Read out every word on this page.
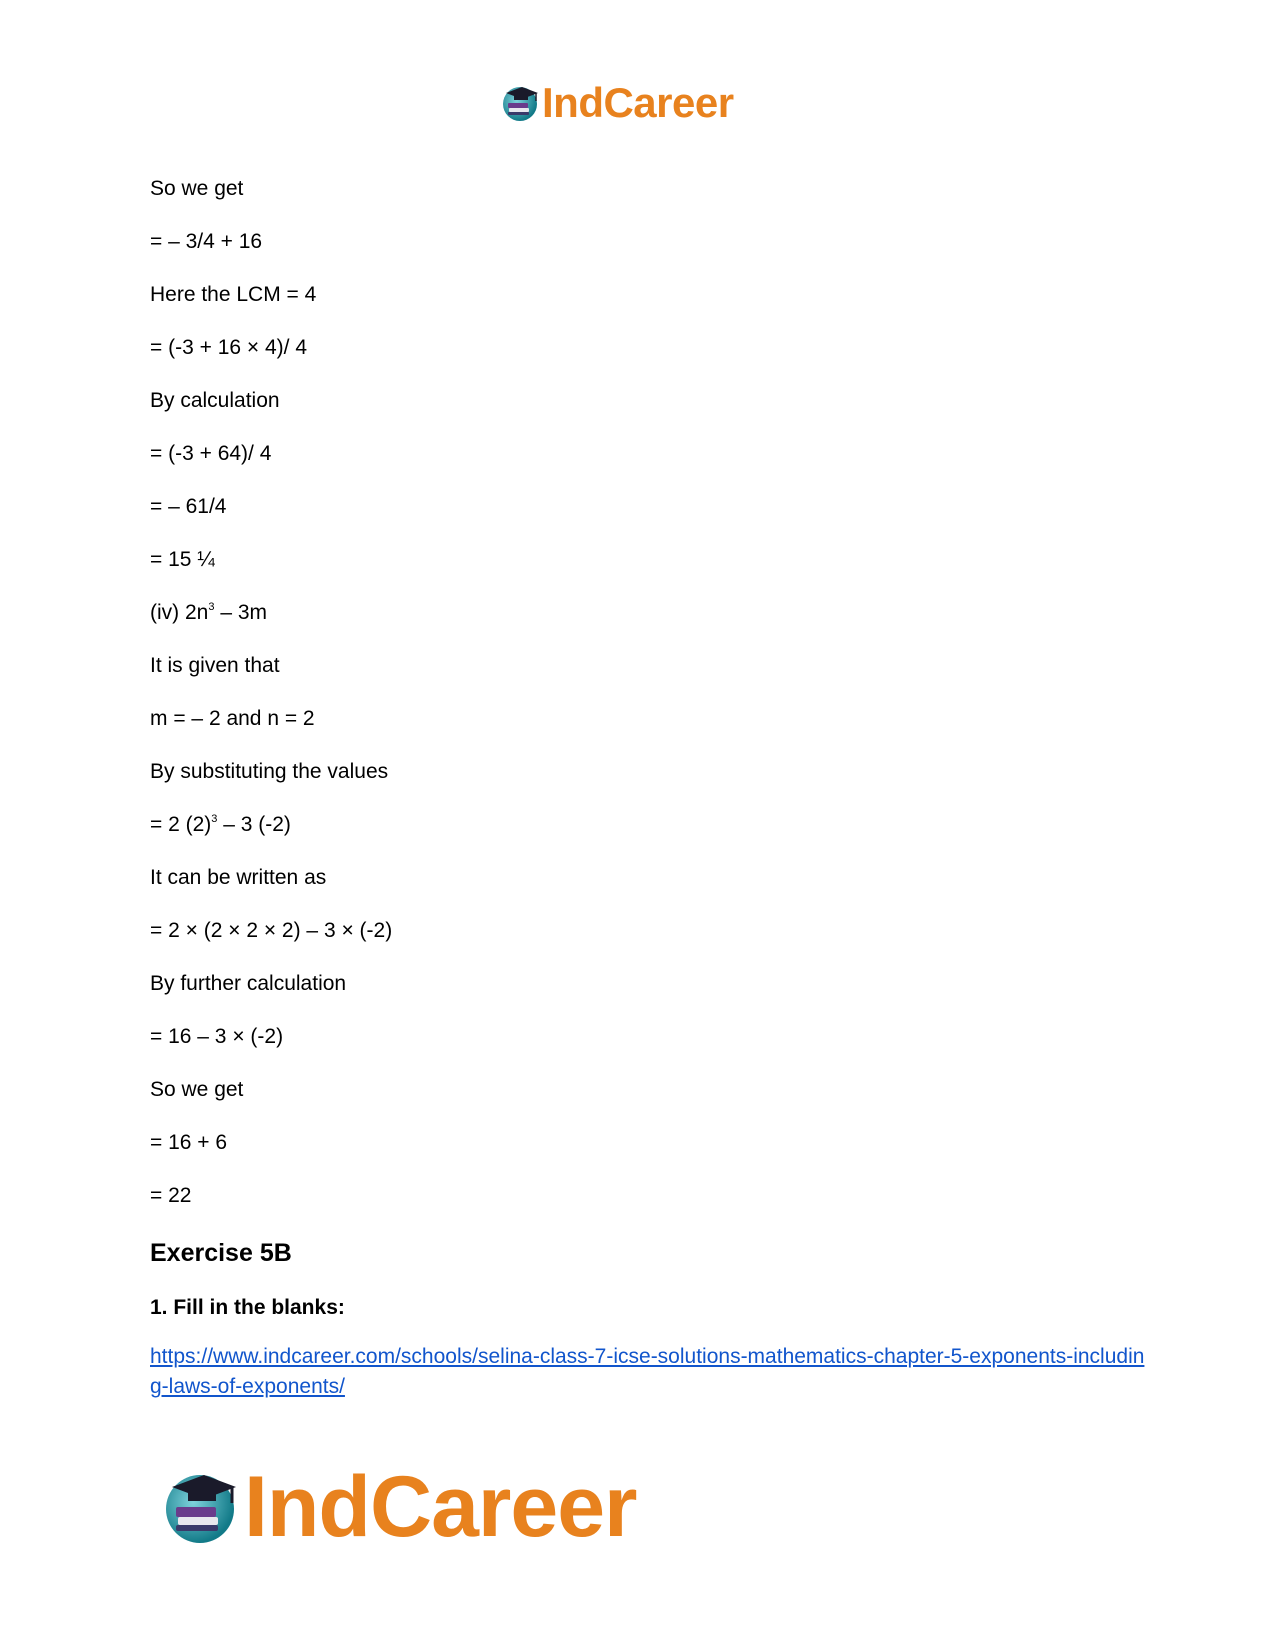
IndCareer
So we get
= – 3/4 + 16
Here the LCM = 4
= (-3 + 16 × 4)/ 4
By calculation
= (-3 + 64)/ 4
= – 61/4
= 15 ¼
(iv) $2n^3 - 3m$
It is given that
m = – 2 and n = 2
By substituting the values
= 2 $(2)^3 - 3$ (-2)
It can be written as
= 2 × (2 × 2 × 2) – 3 × (-2)
By further calculation
= 16 – 3 × (-2)
So we get
= 16 + 6
= 22
Exercise 5B
1. Fill in the blanks:
https://www.indcareer.com/schools/selina-class-7-icse-solutions-mathematics-chapter-5-exponents-including-laws-of-exponents/
IndCareer
